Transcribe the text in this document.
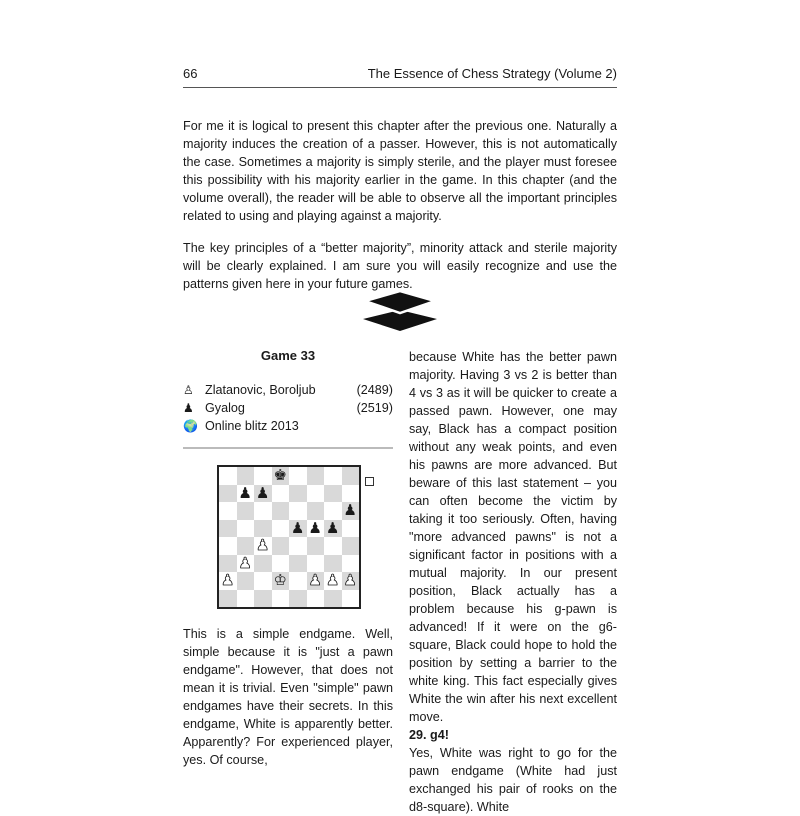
66	The Essence of Chess Strategy (Volume 2)

For me it is logical to present this chapter after the previous one. Naturally a majority induces the creation of a passer. However, this is not automatically the case. Sometimes a majority is simply sterile, and the player must foresee this possibility with his majority earlier in the game. In this chapter (and the volume overall), the reader will be able to observe all the important principles related to using and playing against a majority.

The key principles of a “better majority”, minority attack and sterile majority will be clearly explained. I am sure you will easily recognize and use the patterns given here in your future games.

Game 33
♙ Zlatanovic, Boroljub	(2489)
♟ Gyalog	(2519)
🌍 Online blitz 2013
♚
♟ ♟
♟
♟ ♟ ♟
♟
♟
♟	♔ ♟ ♟ ♟
This is a simple endgame. Well, simple because it is "just a pawn endgame". However, that does not mean it is trivial. Even "simple" pawn endgames have their secrets. In this endgame, White is apparently better. Apparently? For experienced player, yes. Of course,

because White has the better pawn majority. Having 3 vs 2 is better than 4 vs 3 as it will be quicker to create a passed pawn. However, one may say, Black has a compact position without any weak points, and even his pawns are more advanced. But beware of this last statement – you can often become the victim by taking it too seriously. Often, having "more advanced pawns" is not a significant factor in positions with a mutual majority. In our present position, Black actually has a problem because his g-pawn is advanced! If it were on the g6-square, Black could hope to hold the position by setting a barrier to the white king. This fact especially gives White the win after his next excellent move.

29. g4!

Yes, White was right to go for the pawn endgame (White had just exchanged his pair of rooks on the d8-square). White
